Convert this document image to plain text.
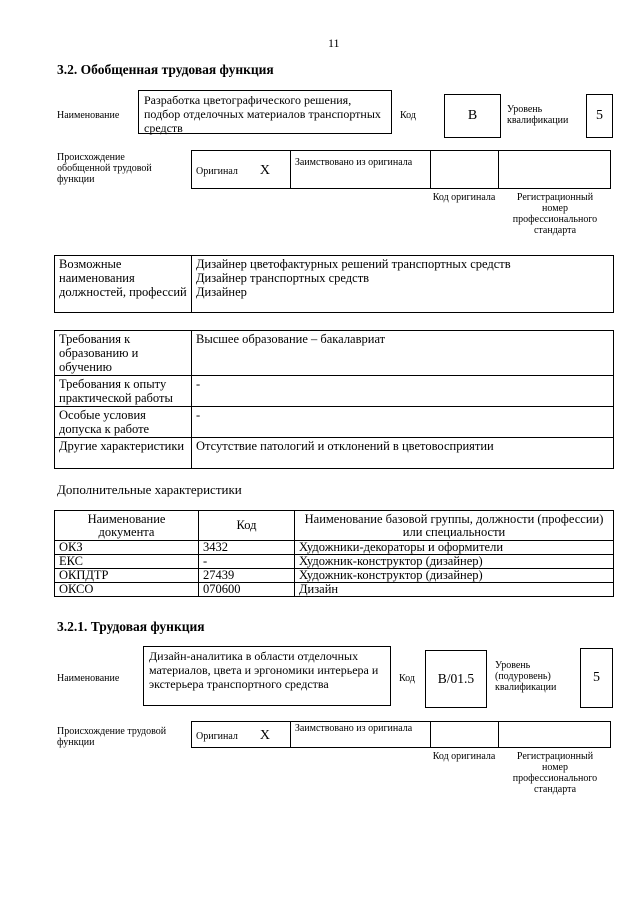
11
3.2. Обобщенная трудовая функция
Наименование
Разработка цветографического решения, подбор отделочных материалов транспортных средств
Код	B	Уровень квалификации	5
Происхождение обобщенной трудовой функции
Оригинал X	Заимствовано из оригинала		
Код оригинала	Регистрационный номер профессионального стандарта
Возможные наименования должностей, профессий	
Дизайнер цветофактурных решений транспортных средств
Дизайнер транспортных средств
Дизайнер
Требования к образованию и обучению	Высшее образование – бакалавриат
Требования к опыту практической работы	-
Особые условия допуска к работе	-
Другие характеристики	Отсутствие патологий и отклонений в цветовосприятии
Дополнительные характеристики
Наименование документа	Код	Наименование базовой группы, должности (профессии) или специальности
ОКЗ	3432	Художники-декораторы и оформители
ЕКС	-	Художник-конструктор (дизайнер)
ОКПДТР	27439	Художник-конструктор (дизайнер)
ОКСО	070600	Дизайн
3.2.1. Трудовая функция
Наименование
Дизайн-аналитика в области отделочных материалов, цвета и эргономики интерьера и экстерьера транспортного средства	Код	B/01.5
Уровень (подуровень) квалификации
5
Происхождение трудовой функции
Оригинал X	Заимствовано из оригинала		
Код оригинала	Регистрационный номер профессионального стандарта
